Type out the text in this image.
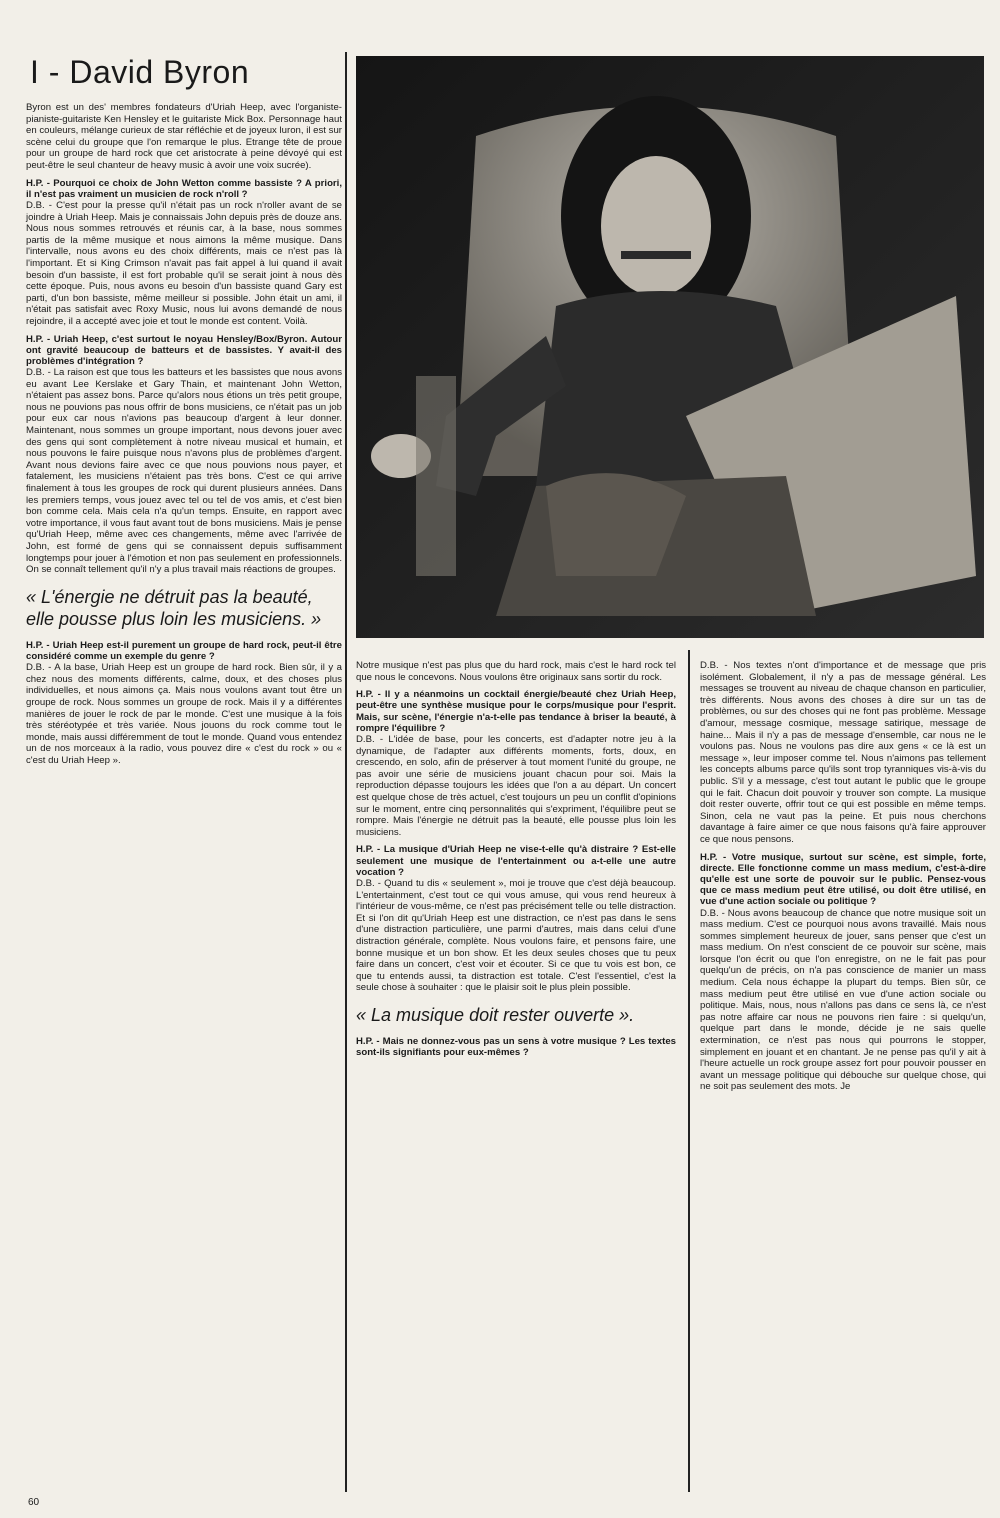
I - David Byron

Byron est un des' membres fondateurs d'Uriah Heep, avec l'organiste-pianiste-guitariste Ken Hensley et le guitariste Mick Box. Personnage haut en couleurs, mélange curieux de star réfléchie et de joyeux luron, il est sur scène celui du groupe que l'on remarque le plus. Etrange tête de proue pour un groupe de hard rock que cet aristocrate à peine dévoyé qui est peut-être le seul chanteur de heavy music à avoir une voix sucrée).

H.P. - Pourquoi ce choix de John Wetton comme bassiste ? A priori, il n'est pas vraiment un musicien de rock n'roll ?

D.B. - C'est pour la presse qu'il n'était pas un rock n'roller avant de se joindre à Uriah Heep. Mais je connaissais John depuis près de douze ans. Nous nous sommes retrouvés et réunis car, à la base, nous sommes partis de la même musique et nous aimons la même musique. Dans l'intervalle, nous avons eu des choix différents, mais ce n'est pas là l'important. Et si King Crimson n'avait pas fait appel à lui quand il avait besoin d'un bassiste, il est fort probable qu'il se serait joint à nous dès cette époque. Puis, nous avons eu besoin d'un bassiste quand Gary est parti, d'un bon bassiste, même meilleur si possible. John était un ami, il n'était pas satisfait avec Roxy Music, nous lui avons demandé de nous rejoindre, il a accepté avec joie et tout le monde est content. Voilà.

H.P. - Uriah Heep, c'est surtout le noyau Hensley/Box/Byron. Autour ont gravité beaucoup de batteurs et de bassistes. Y avait-il des problèmes d'intégration ?

D.B. - La raison est que tous les batteurs et les bassistes que nous avons eu avant Lee Kerslake et Gary Thain, et maintenant John Wetton, n'étaient pas assez bons. Parce qu'alors nous étions un très petit groupe, nous ne pouvions pas nous offrir de bons musiciens, ce n'était pas un job pour eux car nous n'avions pas beaucoup d'argent à leur donner. Maintenant, nous sommes un groupe important, nous devons jouer avec des gens qui sont complètement à notre niveau musical et humain, et nous pouvons le faire puisque nous n'avons plus de problèmes d'argent. Avant nous devions faire avec ce que nous pouvions nous payer, et fatalement, les musiciens n'étaient pas très bons. C'est ce qui arrive finalement à tous les groupes de rock qui durent plusieurs années. Dans les premiers temps, vous jouez avec tel ou tel de vos amis, et c'est bien bon comme cela. Mais cela n'a qu'un temps. Ensuite, en rapport avec votre importance, il vous faut avant tout de bons musiciens. Mais je pense qu'Uriah Heep, même avec ces changements, même avec l'arrivée de John, est formé de gens qui se connaissent depuis suffisamment longtemps pour jouer à l'émotion et non pas seulement en professionnels. On se connaît tellement qu'il n'y a plus travail mais réactions de groupes.

« L'énergie ne détruit pas la beauté, elle pousse plus loin les musiciens. »

H.P. - Uriah Heep est-il purement un groupe de hard rock, peut-il être considéré comme un exemple du genre ?

D.B. - A la base, Uriah Heep est un groupe de hard rock. Bien sûr, il y a chez nous des moments différents, calme, doux, et des choses plus individuelles, et nous aimons ça. Mais nous voulons avant tout être un groupe de rock. Nous sommes un groupe de rock. Mais il y a différentes manières de jouer le rock de par le monde. C'est une musique à la fois très stéréotypée et très variée. Nous jouons du rock comme tout le monde, mais aussi différemment de tout le monde. Quand vous entendez un de nos morceaux à la radio, vous pouvez dire « c'est du rock » ou « c'est du Uriah Heep ».

Notre musique n'est pas plus que du hard rock, mais c'est le hard rock tel que nous le concevons. Nous voulons être originaux sans sortir du rock.

H.P. - Il y a néanmoins un cocktail énergie/beauté chez Uriah Heep, peut-être une synthèse musique pour le corps/musique pour l'esprit. Mais, sur scène, l'énergie n'a-t-elle pas tendance à briser la beauté, à rompre l'équilibre ?

D.B. - L'idée de base, pour les concerts, est d'adapter notre jeu à la dynamique, de l'adapter aux différents moments, forts, doux, en crescendo, en solo, afin de préserver à tout moment l'unité du groupe, ne pas avoir une série de musiciens jouant chacun pour soi. Mais la reproduction dépasse toujours les idées que l'on a au départ. Un concert est quelque chose de très actuel, c'est toujours un peu un conflit d'opinions sur le moment, entre cinq personnalités qui s'expriment, l'équilibre peut se rompre. Mais l'énergie ne détruit pas la beauté, elle pousse plus loin les musiciens.

H.P. - La musique d'Uriah Heep ne vise-t-elle qu'à distraire ? Est-elle seulement une musique de l'entertainment ou a-t-elle une autre vocation ?

D.B. - Quand tu dis « seulement », moi je trouve que c'est déjà beaucoup. L'entertainment, c'est tout ce qui vous amuse, qui vous rend heureux à l'intérieur de vous-même, ce n'est pas précisément telle ou telle distraction. Et si l'on dit qu'Uriah Heep est une distraction, ce n'est pas dans le sens d'une distraction particulière, une parmi d'autres, mais dans celui d'une distraction générale, complète. Nous voulons faire, et pensons faire, une bonne musique et un bon show. Et les deux seules choses que tu peux faire dans un concert, c'est voir et écouter. Si ce que tu vois est bon, ce que tu entends aussi, ta distraction est totale. C'est l'essentiel, c'est la seule chose à souhaiter : que le plaisir soit le plus plein possible.

« La musique doit rester ouverte ».

H.P. - Mais ne donnez-vous pas un sens à votre musique ? Les textes sont-ils signifiants pour eux-mêmes ?

D.B. - Nos textes n'ont d'importance et de message que pris isolément. Globalement, il n'y a pas de message général. Les messages se trouvent au niveau de chaque chanson en particulier, très différents. Nous avons des choses à dire sur un tas de problèmes, ou sur des choses qui ne font pas problème. Message d'amour, message cosmique, message satirique, message de haine... Mais il n'y a pas de message d'ensemble, car nous ne le voulons pas. Nous ne voulons pas dire aux gens « ce là est un message », leur imposer comme tel. Nous n'aimons pas tellement les concepts albums parce qu'ils sont trop tyranniques vis-à-vis du public. S'il y a message, c'est tout autant le public que le groupe qui le fait. Chacun doit pouvoir y trouver son compte. La musique doit rester ouverte, offrir tout ce qui est possible en même temps. Sinon, cela ne vaut pas la peine. Et puis nous cherchons davantage à faire aimer ce que nous faisons qu'à faire approuver ce que nous pensons.

H.P. - Votre musique, surtout sur scène, est simple, forte, directe. Elle fonctionne comme un mass medium, c'est-à-dire qu'elle est une sorte de pouvoir sur le public. Pensez-vous que ce mass medium peut être utilisé, ou doit être utilisé, en vue d'une action sociale ou politique ?

D.B. - Nous avons beaucoup de chance que notre musique soit un mass medium. C'est ce pourquoi nous avons travaillé. Mais nous sommes simplement heureux de jouer, sans penser que c'est un mass medium. On n'est conscient de ce pouvoir sur scène, mais lorsque l'on écrit ou que l'on enregistre, on ne le fait pas pour quelqu'un de précis, on n'a pas conscience de manier un mass medium. Cela nous échappe la plupart du temps. Bien sûr, ce mass medium peut être utilisé en vue d'une action sociale ou politique. Mais, nous, nous n'allons pas dans ce sens là, ce n'est pas notre affaire car nous ne pouvons rien faire : si quelqu'un, quelque part dans le monde, décide je ne sais quelle extermination, ce n'est pas nous qui pourrons le stopper, simplement en jouant et en chantant. Je ne pense pas qu'il y ait à l'heure actuelle un rock groupe assez fort pour pouvoir pousser en avant un message politique qui débouche sur quelque chose, qui ne soit pas seulement des mots. Je

60
